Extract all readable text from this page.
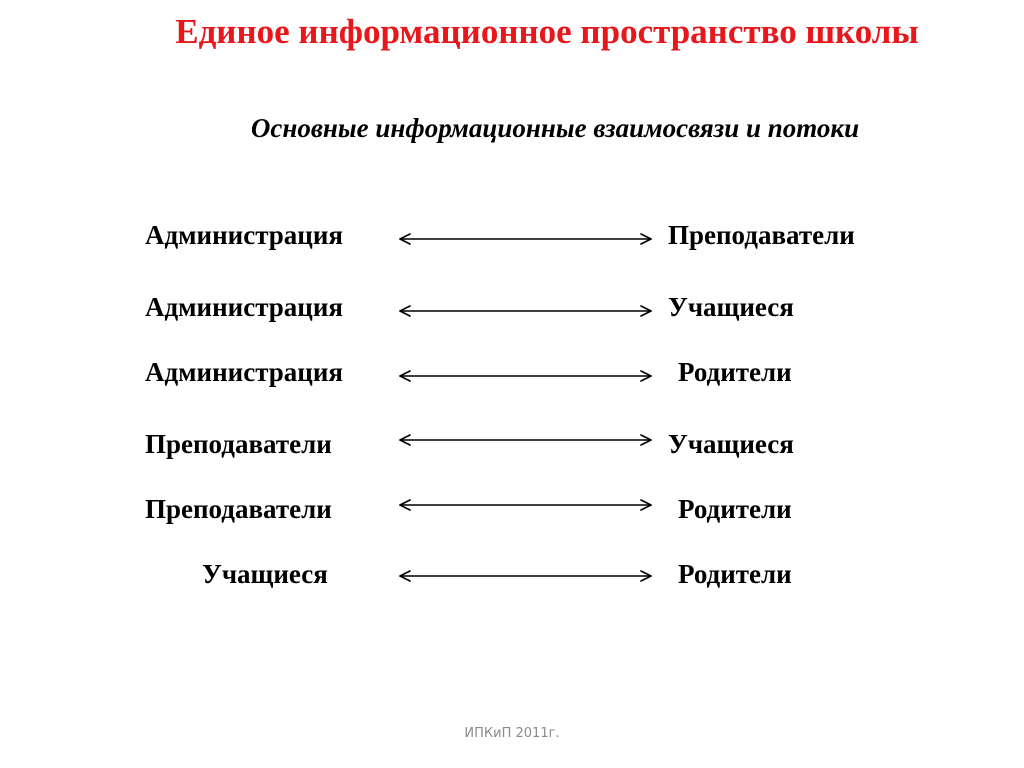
Единое информационное пространство школы
Основные информационные взаимосвязи и потоки
Администрация	Преподаватели
Администрация	Учащиеся
Администрация	Родители
Преподаватели	Учащиеся
Преподаватели	Родители
Учащиеся	Родители
ИПКиП 2011г.
